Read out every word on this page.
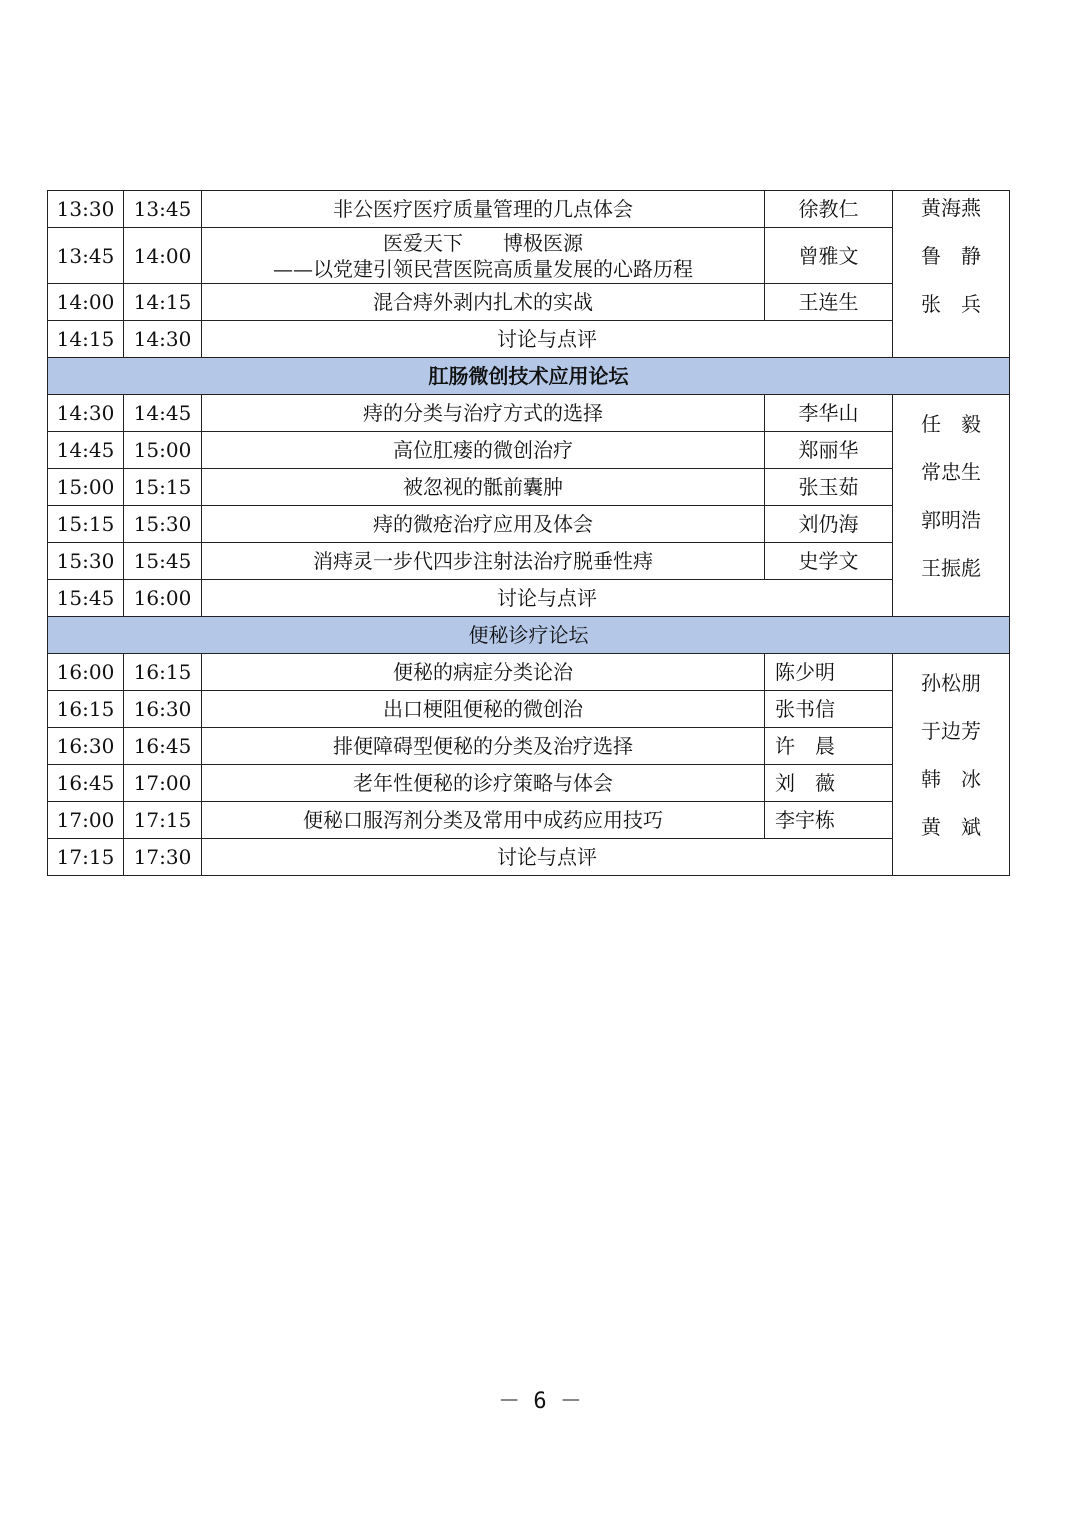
13:30	13:45	非公医疗医疗质量管理的几点体会	徐教仁	黄海燕
鲁　静
张　兵

13:45	14:00	医爱天下　　博极医源
——以党建引领民营医院高质量发展的心路历程	曾雅文	
14:00	14:15	混合痔外剥内扎术的实战	王连生	
14:15	14:30	讨论与点评		
肛肠微创技术应用论坛				
14:30	14:45	痔的分类与治疗方式的选择	李华山	任　毅
常忠生
郭明浩
王振彪

14:45	15:00	高位肛瘘的微创治疗	郑丽华	
15:00	15:15	被忽视的骶前囊肿	张玉茹	
15:15	15:30	痔的微疮治疗应用及体会	刘仍海	
15:30	15:45	消痔灵一步代四步注射法治疗脱垂性痔	史学文	
15:45	16:00	讨论与点评		
便秘诊疗论坛				
16:00	16:15	便秘的病症分类论治	陈少明	孙松朋
于边芳
韩　冰
黄　斌

16:15	16:30	出口梗阻便秘的微创治	张书信	
16:30	16:45	排便障碍型便秘的分类及治疗选择	许　晨	
16:45	17:00	老年性便秘的诊疗策略与体会	刘　薇	
17:00	17:15	便秘口服泻剂分类及常用中成药应用技巧	李宇栋	
17:15	17:30	讨论与点评		
－ 6 －
